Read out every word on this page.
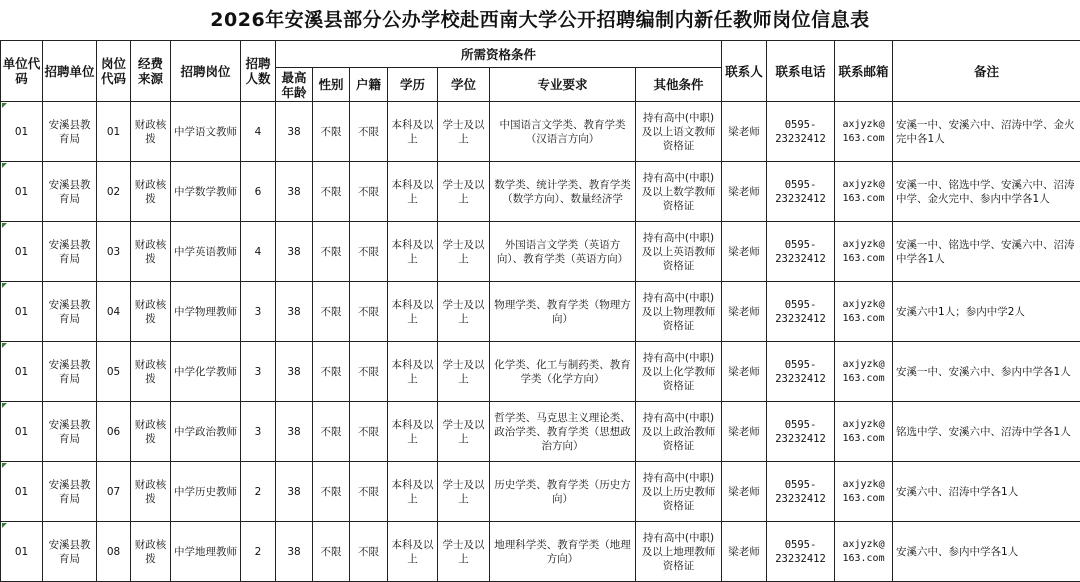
2026年安溪县部分公办学校赴西南大学公开招聘编制内新任教师岗位信息表
单位代码	招聘单位	岗位代码	经费来源	招聘岗位	招聘人数	所需资格条件							联系人	联系电话	联系邮箱	备注
						最高年龄	性别	户籍	学历	学位	专业要求	其他条件				

01	安溪县教育局	01	财政核拨	中学语文教师	4	38	不限	不限	本科及以上	学士及以上	中国语言文学类、教育学类（汉语言方向）	持有高中(中职)及以上语文教师资格证	梁老师	0595-23232412	axjyzk@163.com	安溪一中、安溪六中、沼涛中学、金火完中各1人

01	安溪县教育局	02	财政核拨	中学数学教师	6	38	不限	不限	本科及以上	学士及以上	数学类、统计学类、教育学类（数学方向）、数量经济学	持有高中(中职)及以上数学教师资格证	梁老师	0595-23232412	axjyzk@163.com	安溪一中、铭选中学、安溪六中、沼涛中学、金火完中、参内中学各1人

01	安溪县教育局	03	财政核拨	中学英语教师	4	38	不限	不限	本科及以上	学士及以上	外国语言文学类（英语方向）、教育学类（英语方向）	持有高中(中职)及以上英语教师资格证	梁老师	0595-23232412	axjyzk@163.com	安溪一中、铭选中学、安溪六中、沼涛中学各1人

01	安溪县教育局	04	财政核拨	中学物理教师	3	38	不限	不限	本科及以上	学士及以上	物理学类、教育学类（物理方向）	持有高中(中职)及以上物理教师资格证	梁老师	0595-23232412	axjyzk@163.com	安溪六中1人；参内中学2人

01	安溪县教育局	05	财政核拨	中学化学教师	3	38	不限	不限	本科及以上	学士及以上	化学类、化工与制药类、教育学类（化学方向）	持有高中(中职)及以上化学教师资格证	梁老师	0595-23232412	axjyzk@163.com	安溪一中、安溪六中、参内中学各1人

01	安溪县教育局	06	财政核拨	中学政治教师	3	38	不限	不限	本科及以上	学士及以上	哲学类、马克思主义理论类、政治学类、教育学类（思想政治方向）	持有高中(中职)及以上政治教师资格证	梁老师	0595-23232412	axjyzk@163.com	铭选中学、安溪六中、沼涛中学各1人

01	安溪县教育局	07	财政核拨	中学历史教师	2	38	不限	不限	本科及以上	学士及以上	历史学类、教育学类（历史方向）	持有高中(中职)及以上历史教师资格证	梁老师	0595-23232412	axjyzk@163.com	安溪六中、沼涛中学各1人

01	安溪县教育局	08	财政核拨	中学地理教师	2	38	不限	不限	本科及以上	学士及以上	地理科学类、教育学类（地理方向）	持有高中(中职)及以上地理教师资格证	梁老师	0595-23232412	axjyzk@163.com	安溪六中、参内中学各1人
